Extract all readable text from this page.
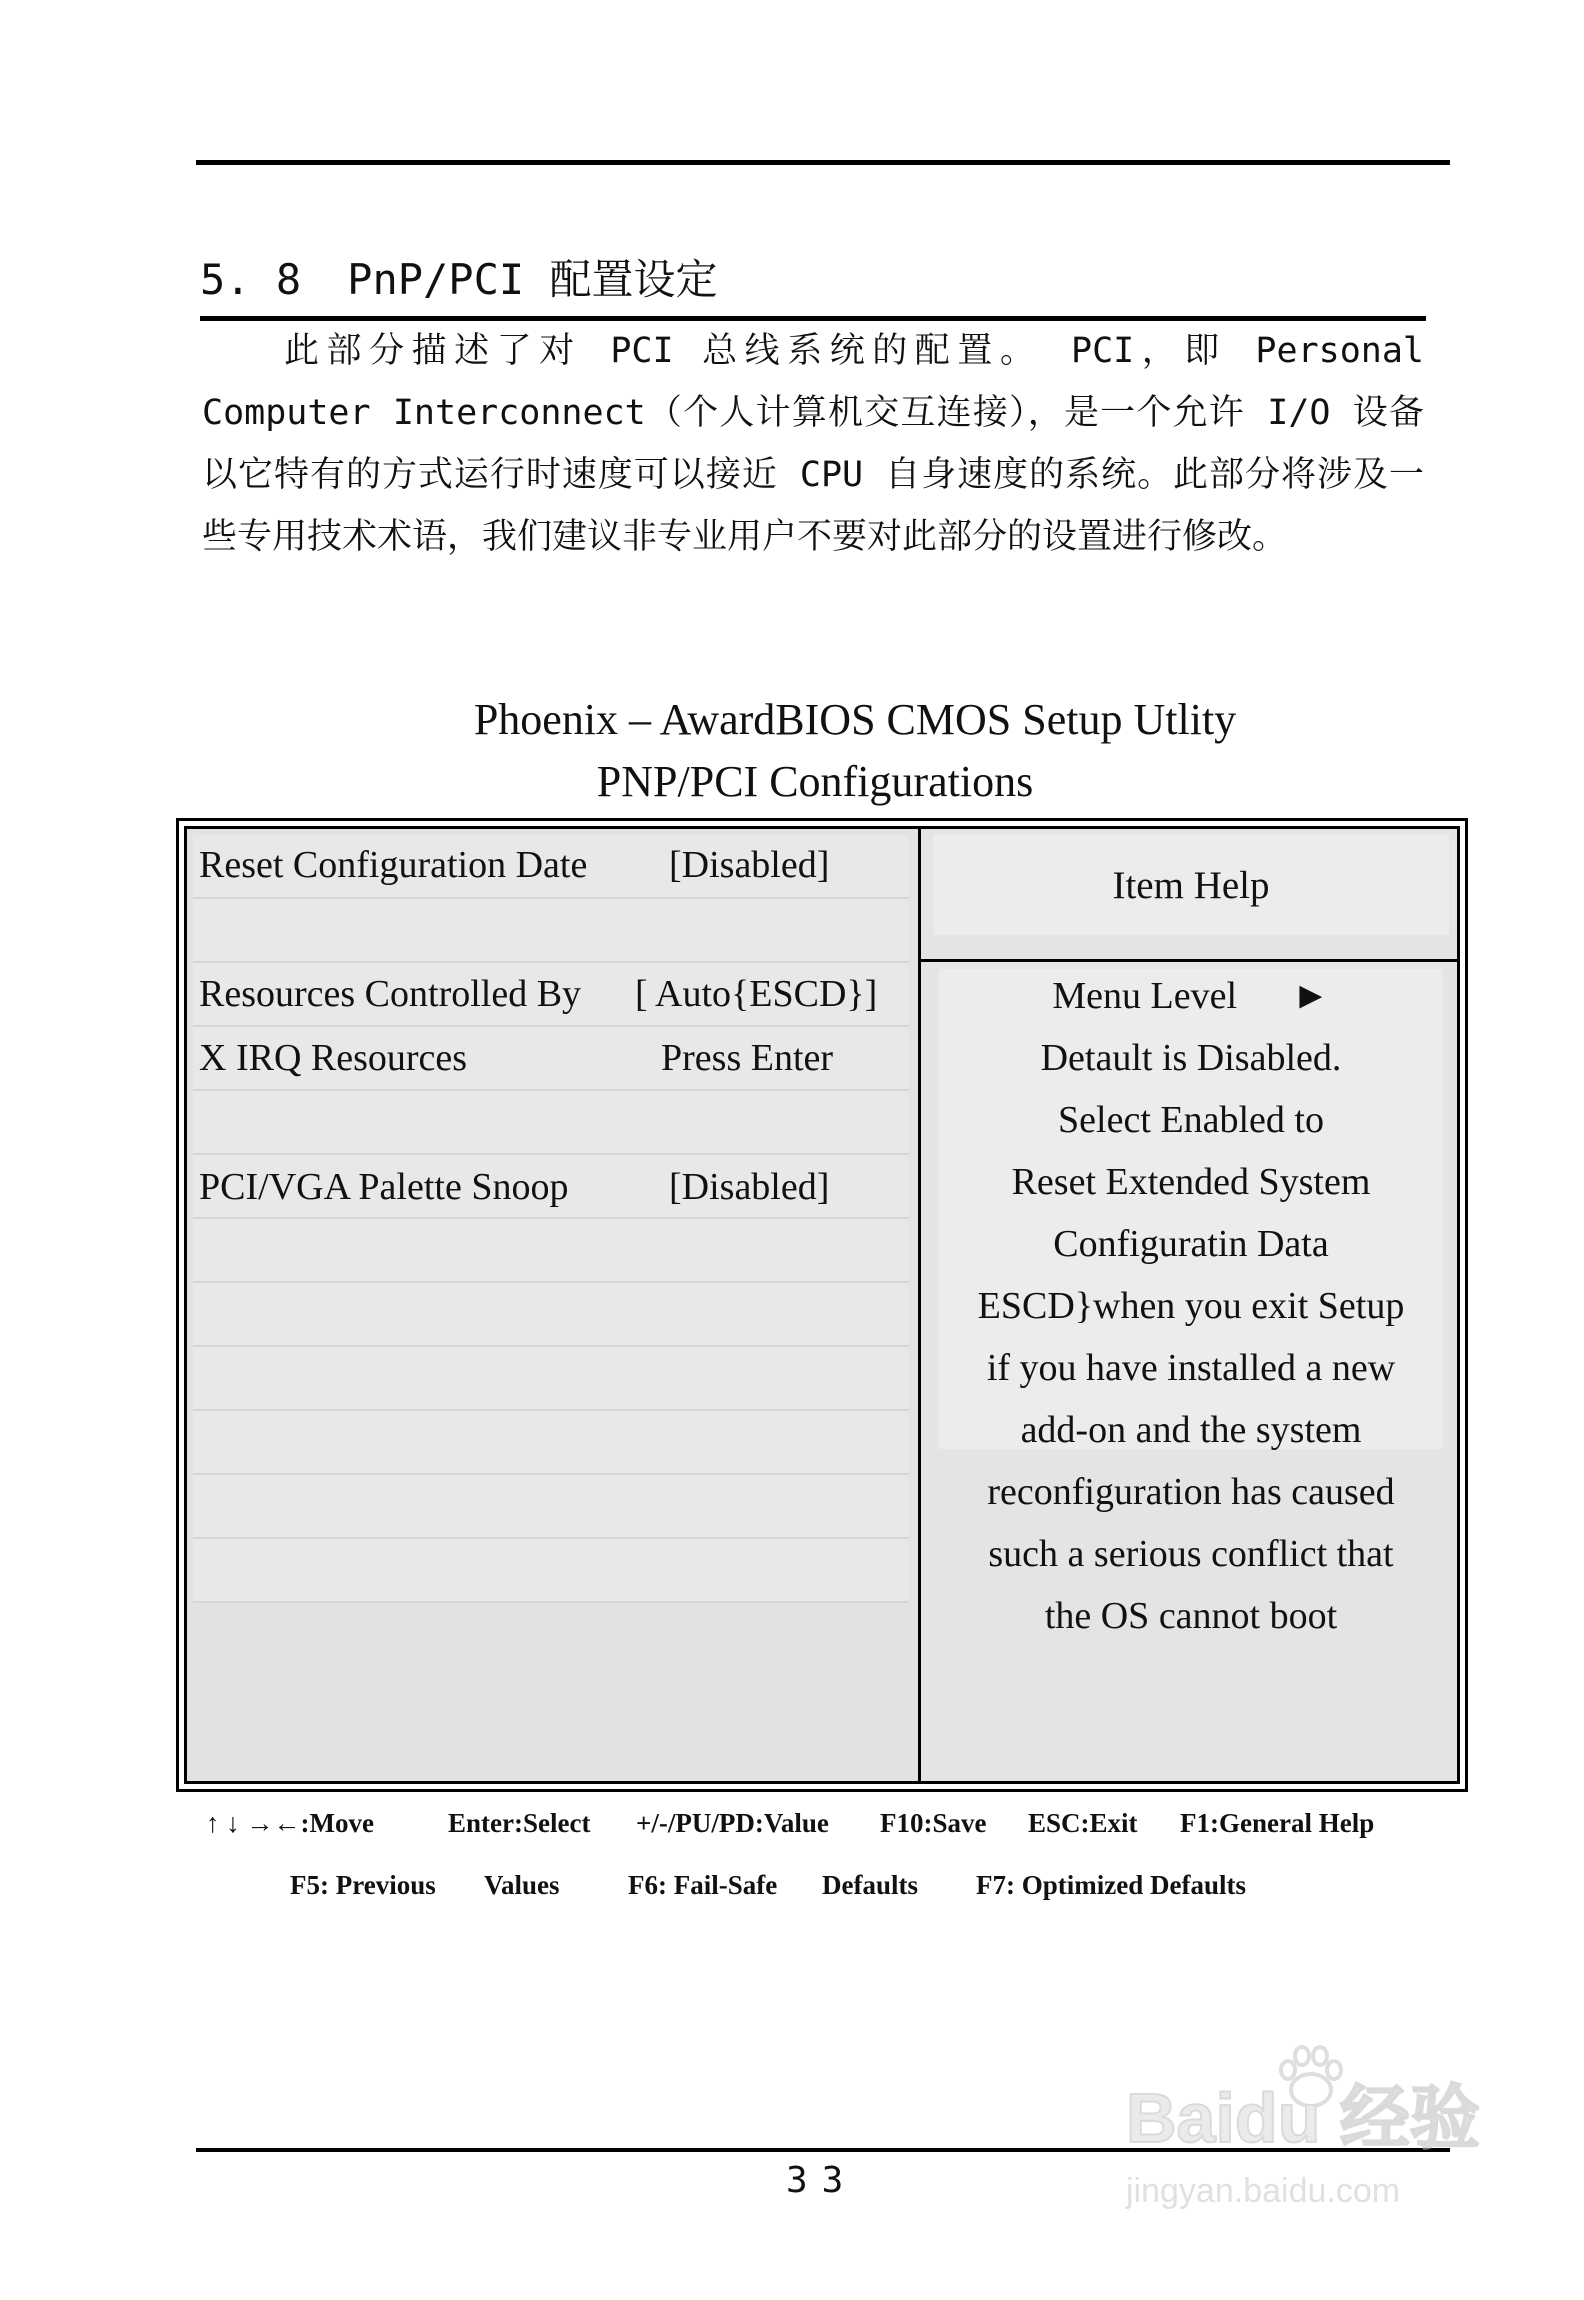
5. 8 PnP/PCI 配置设定
此部分描述了对 PCI 总线系统的配置。 PCI，即 Personal Computer Interconnect（个人计算机交互连接），是一个允许 I/O 设备以它特有的方式运行时速度可以接近 CPU 自身速度的系统。此部分将涉及一些专用技术术语，我们建议非专业用户不要对此部分的设置进行修改。
Phoenix – AwardBIOS CMOS Setup Utlity
PNP/PCI Configurations
Reset Configuration Date [Disabled]
Resources Controlled By [ Auto{ESCD}]
X IRQ Resources	Press Enter
PCI/VGA Palette Snoop	[Disabled]
Item Help
Menu Level ►
Detault is Disabled.
Select Enabled to
Reset Extended System
Configuratin Data
ESCD}when you exit Setup
if you have installed a new
add-on and the system
reconfiguration has caused
such a serious conflict that
the OS cannot boot
↑ ↓ →←:Move	Enter:Select +/-/PU/PD:Value F10:Save ESC:Exit F1:General Help
F5: Previous Values	F6: Fail-Safe Defaults F7: Optimized Defaults
33
Baidu 经验
jingyan.baidu.com
